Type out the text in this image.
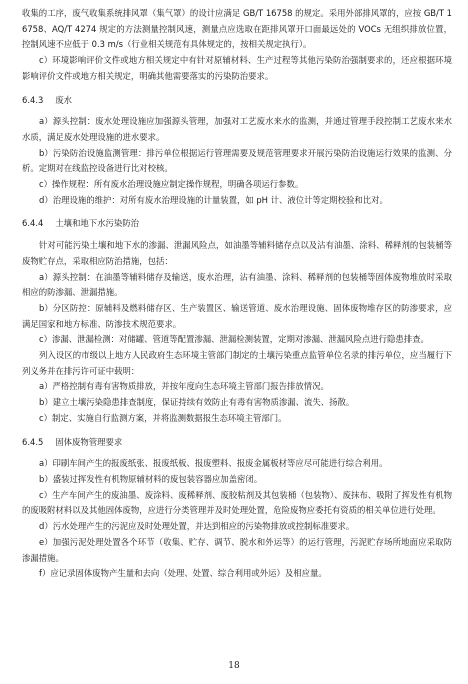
收集的工序，废气收集系统排风罩（集气罩）的设计应满足 GB/T 16758 的规定。采用外部排风罩的，应按 GB/T 16758、AQ/T 4274 规定的方法测量控制风速，测量点应选取在距排风罩开口面最远处的 VOCs 无组织排放位置，控制风速不应低于 0.3 m/s（行业相关规范有具体规定的，按相关规定执行）。

c）环境影响评价文件或地方相关规定中有针对原辅材料、生产过程等其他污染防治强制要求的，还应根据环境影响评价文件或地方相关规定，明确其他需要落实的污染防治要求。

6.4.3 废水

a）源头控制：废水处理设施应加强源头管理，加强对工艺废水来水的监测，并通过管理手段控制工艺废水来水水质，满足废水处理设施的进水要求。

b）污染防治设施监测管理：排污单位根据运行管理需要及规范管理要求开展污染防治设施运行效果的监测、分析。定期对在线监控设备进行比对校核。

c）操作规程：所有废水治理设施应制定操作规程，明确各项运行参数。

d）治理设施的维护：对所有废水治理设施的计量装置，如 pH 计、液位计等定期校验和比对。

6.4.4 土壤和地下水污染防治

针对可能污染土壤和地下水的渗漏、泄漏风险点，如油墨等辅料储存点以及沾有油墨、涂料、稀释剂的包装桶等废物贮存点，采取相应防治措施，包括：

a）源头控制：在油墨等辅料储存及输送，废水治理，沾有油墨、涂料、稀释剂的包装桶等固体废物堆放时采取相应的防渗漏、泄漏措施。

b）分区防控：原辅料及燃料储存区、生产装置区、输送管道、废水治理设施、固体废物堆存区的防渗要求，应满足国家和地方标准、防渗技术规范要求。

c）渗漏、泄漏检测：对储罐、管道等配置渗漏、泄漏检测装置，定期对渗漏、泄漏风险点进行隐患排查。

列入设区的市级以上地方人民政府生态环境主管部门制定的土壤污染重点监管单位名录的排污单位，应当履行下列义务并在排污许可证中载明：

a）严格控制有毒有害物质排放，并按年度向生态环境主管部门报告排放情况。

b）建立土壤污染隐患排查制度，保证持续有效防止有毒有害物质渗漏、流失、扬散。

c）制定、实施自行监测方案，并将监测数据报生态环境主管部门。

6.4.5 固体废物管理要求

a）印刷车间产生的报废纸张、报废纸板、报废塑料、报废金属板材等应尽可能进行综合利用。

b）盛装过挥发性有机物原辅材料的废包装容器应加盖密闭。

c）生产车间产生的废油墨、废涂料、废稀释剂、废胶粘剂及其包装桶（包装物）、废抹布、吸附了挥发性有机物的废吸附材料以及其他固体废物，应进行分类管理并及时处理处置，危险废物应委托有资质的相关单位进行处理。

d）污水处理产生的污泥应及时处理处置，并达到相应的污染物排放或控制标准要求。

e）加强污泥处理处置各个环节（收集、贮存、调节、脱水和外运等）的运行管理，污泥贮存场所地面应采取防渗漏措施。

f）应记录固体废物产生量和去向（处理、处置、综合利用或外运）及相应量。

18
